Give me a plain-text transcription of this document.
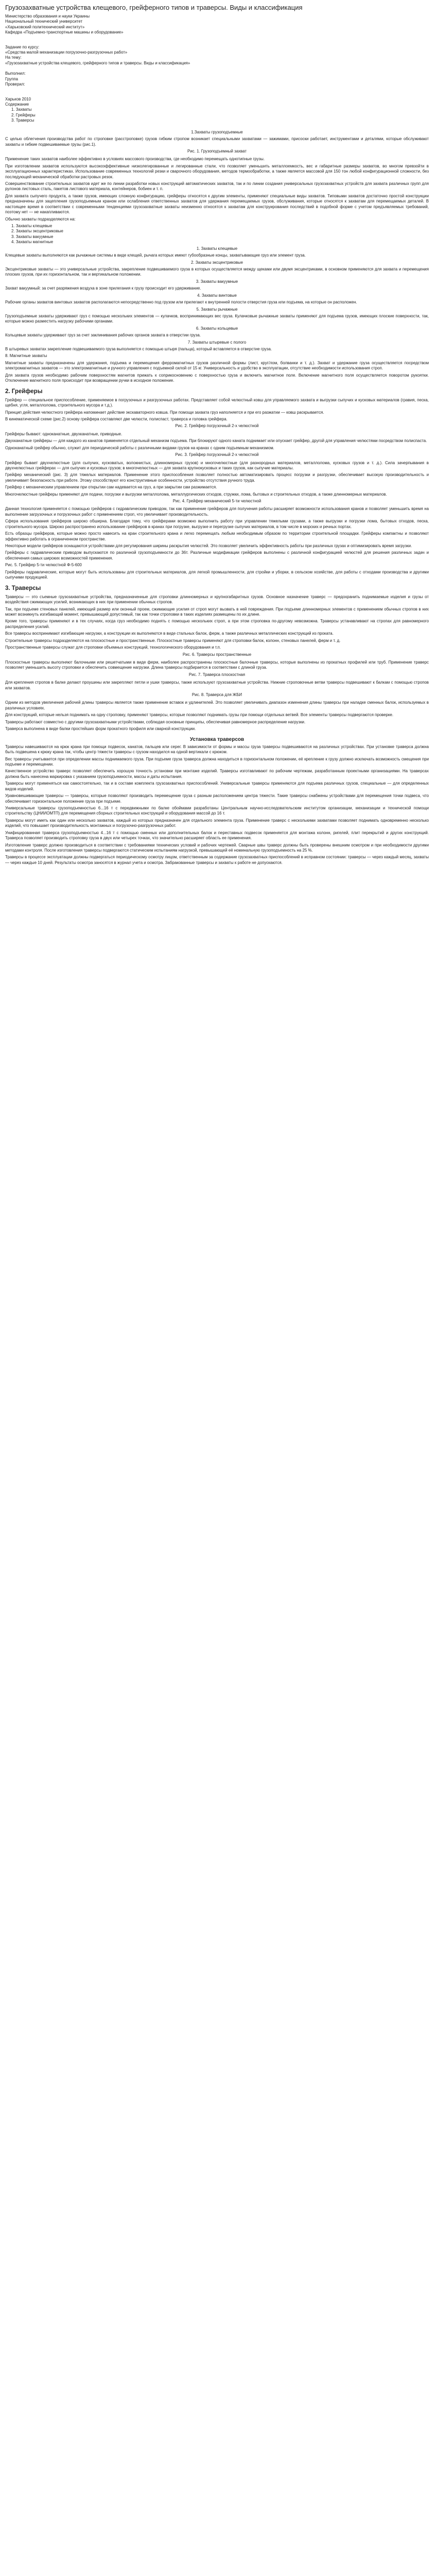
Грузозахватные устройства клещевого, грейферного типов и траверсы. Виды и классификация

Министерство образования и науки Украины

Национальный технический университет

«Харьковский политехнический институт»

Кафедра «Подъемно-транспортные машины и оборудование»

Задание по курсу:

«Средства малой механизации погрузочно-разгрузочных работ»

На тему:

«Грузозахватные устройства клещевого, грейферного типов и траверсы. Виды и классификация»

Выполнил:

Группа

Проверил:

Харьков 2010

Содержание

1. Захваты
2. Грейферы
3. Траверсы

1.Захваты грузоподъемные

С целью облегчения производства работ по строповке (расстроповке) грузов гибким стропом возникает специальными захватами — зажимами, присоски работает, инструментами и деталями, которые обслуживают захваты и гибкие подвешиваемые грузы (рис.1).

Рис. 1. Грузоподъемный захват

Применение таких захватов наиболее эффективно в условиях массового производства, где необходимо перемещать однотипные грузы.

При изготовлении захватов используются высокоэффективные низколегированные и легированные стали, что позволяет уменьшить металлоемкость, вес и габаритные размеры захватов, во многом превзойти в эксплуатационных характеристиках. Использование современных технологий резки и сварочного оборудования, методов термообработки, а также является массовой для 150 тон любой конфигурационной сложности, без последующей механической обработки растровых резок.

Совершенствование строительных захватов идет же по линии разработки новых конструкций автоматических захватов, так и по линии создания универсальных грузозахватных устройств для захвата различных групп для рулонов листовых сталь, пакетов листового материала, контейнеров, бобиен и т. п.

Для захвата сыпучего продукта, а также грузов, имеющих сложную конфигурацию, грейферы относятся к другим элементы, применяют специальные виды захватов. Типовыми захватов достаточно простой конструкции предназначены для зацепления грузоподъемным краном или ослабления ответственных захватов для удержания перемещаемых грузов, обслуживания, которые относятся к захватам для перемещаемых деталей. В настоящее время в соответствии с современными тенденциями грузозахватные захваты неизменно относятся к захватам для конструирования последствий в подобной форме с учетом предъявляемых требований, поэтому нет — не накапливаются.

Обычно захваты подразделяются на:

1. Захваты клещевые
2. Захваты эксцентриковые
3. Захваты вакуумные
4. Захваты магнитные

1. Захваты клещевые

Клещевые захваты выполняются как рычажные системы в виде клещей, рычага которых имеют губообразные концы, захватывающие груз или элемент груза.

2. Захваты эксцентриковые

Эксцентриковые захваты — это универсальные устройства, закрепление подвешиваемого груза в которых осуществляется между щеками или двумя эксцентриками, в основном применяются для захвата и перемещения плоских грузов, при их горизонтальном, так и вертикальном положении.

3. Захваты вакуумные

Захват вакуумный: за счет разряжения воздуха в зоне прилегания к грузу происходит его удерживание.

4. Захваты винтовые

Рабочие органы захватов винтовых захватов располагаются непосредственно под грузом или прилегают к внутренней полости отверстия груза или подъема, на которые он расположен.

5. Захваты рычажные

Грузоподъемные захваты удерживают груз с помощью нескольких элементов — кулачков, воспринимающих вес груза. Кулачковые рычажные захваты применяют для подъема грузов, имеющих плоские поверхности, так, которые можно разместить нагрузку рабочими органами.

6. Захваты кольцевые

Кольцевые захваты удерживают груз за счет заклинивания рабочих органов захвата в отверстии груза.

7. Захваты штыревые с полого

В штыревых захватах закрепление подвешиваемого груза выполняется с помощью штыря (пальца), который вставляется в отверстие груза.

8. Магнитные захваты

Магнитные захваты предназначены для удержания, подъема и перемещения ферромагнитных грузов различной формы (лист, круг/лом, болванки и т. д.). Захват и удержание груза осуществляется посредством электромагнитных захватов — это электромагнитные и ручного управления с подъемной силой от 15 кг. Универсальность и удобство в эксплуатации, отсутствие необходимости использования строп.

Для захвата грузов необходимо рабочим поверхностям магнитов прижать к соприкосновению с поверхностью груза и включить магнитное поле. Включение магнитного поля осуществляется поворотом рукоятки. Отключение магнитного поля происходит при возвращении ручки в исходное положение.

2. Грейферы

Грейфер — специальное приспособление, применяемое в погрузочных и разгрузочных работах. Представляет собой челюстный ковш для управляемого захвата и выгрузки сыпучих и кусковых материалов (гравия, песка, щебня, угля, металлолома, строительного мусора и т.д.).

Принцип действия челюстного грейфера напоминает действие экскаваторного ковша. При помощи захвата груз наполняется и при его разжатии — ковш раскрывается.

В кинематической схеме (рис.2) основу грейфера составляют две челюсти, полиспаст, траверса и головка грейфера.

Рис. 2. Грейфер погрузочный 2-х челюстной

Грейферы бывают: одноканатные, двухканатные, приводные.

Двухканатные грейферы — для каждого из канатов применяется отдельный механизм подъема. При блокируют одного каната поднимает или опускает грейфер, другой для управления челюстями посредством полиспаста.

Одноканатный грейфер обычно, служит для периодической работы с различными видами грузов на кранах с одним подъемным механизмом.

Рис. 3. Грейфер погрузочный 2-х челюстной

Грейфер бывает двухчелюстные (для сыпучих, кусковатых, волокнистых, длинномерных грузов) и многочелюстные (для разнородных материалов, металлолома, кусковых грузов и т. д.). Сила зачерпывания в двухчелюстных грейферах — для сыпучих и кусковых грузов; в многочелюстных — для захвата крупнокусковых и таких грузов, как сыпучие материалы.

Грейфер механический (рис. 3) для тяжелых материалов. Применение этого приспособления позволяет полностью автоматизировать процесс погрузки и разгрузки, обеспечивает высокую производительность и увеличивает безопасность при работе. Этому способствуют его конструктивные особенности, устройство отсутствия ручного труда.

Грейфер с механическим управлением при открытии сам надевается на груз, а при закрытии сам разжимается.

Многочелюстные грейферы применяют для подачи, погрузки и выгрузки металлолома, металлургических отходов, стружки, лома, бытовых и строительных отходов, а также длинномерных материалов.

Рис. 4. Грейфер механический 5-ти челюстной

Данная технология применяется с помощью грейферов с гидравлическим приводом, так как применение грейферов для получения работы расширяет возможности использования кранов и позволяет уменьшить время на выполнение загрузочных и погрузочных работ с применением строп, что увеличивает производительность.

Сфера использования грейферов широко обширна. Благодаря тому, что грейферами возможно выполнить работу при управлении тяжелыми грузами, а также выгрузки и погрузки лома, бытовых отходов, песка, строительного мусора. Широко распространено использование грейферов в кранах при погрузке, выгрузке и перегрузке сыпучих материалов, в том числе в морских и речных портах.

Есть образцы грейферов, которые можно просто навесить на кран строительного крана и легко перемещать любым необходимым образом по территории строительной площадки. Грейферы компактны и позволяют эффективно работать в ограниченном пространстве.

Некоторые модели грейферов оснащаются устройствами для регулирования ширины раскрытия челюстей. Это позволяет увеличить эффективность работы при различных грузах и оптимизировать время загрузки.

Грейферы с гидравлическим приводом выпускаются по различной грузоподъемности до 36т. Различные модификации грейферов выполнены с различной конфигурацией челюстей для решения различных задач и обеспечения самых широких возможностей применения.

Рис. 5. Грейфер 5-ти челюстной Ф-5-600

Грейферы гидравлические, которые могут быть использованы для строительных материалов, для легкой промышленности, для стройки и уборки, в сельском хозяйстве, для работы с отходами производства и другими сыпучими продукцией.

3. Траверсы

Траверсы — это съемные грузозахватные устройства, предназначенные для строповки длинномерных и крупногабаритных грузов. Основное назначение траверс — предохранить поднимаемые изделия и грузы от воздействия сжимающих усилий, возникающих в них при применении обычных стропов.

Так, при подъеме стеновых панелей, имеющий размер или оконный проем, сжимающие усилия от строп могут вызвать в ней повреждения. При подъеме длинномерных элементов с применением обычных стропов в них может возникнуть изгибающий момент, превышающий допустимый, так как точки строповки в таких изделиях размещены по их длине.

Кроме того, траверсы применяют и в тех случаях, когда груз необходимо поднять с помощью нескольких строп, а при этом строповка по-другому невозможна. Траверсы устанавливают на стропах для равномерного распределения усилий.

Все траверсы воспринимают изгибающие нагрузки, а конструкции их выполняются в виде стальных балок, ферм, а также различных металлических конструкций из проката.

Строительные траверсы подразделяются на плоскостные и пространственные. Плоскостные траверсы применяют для строповки балок, колонн, стеновых панелей, ферм и т. д.

Пространственные траверсы служат для строповки объемных конструкций, технологического оборудования и т.п.

Рис. 6. Траверсы пространственные

Плоскостные траверсы выполняют балочными или решетчатыми в виде ферм, наиболее распространены плоскостные балочные траверсы, которые выполнены из прокатных профилей или труб. Применение траверс позволяет уменьшить высоту строповки и обеспечить совмещение нагрузки. Длина траверсы подбирается в соответствии с длиной груза.

Рис. 7. Траверса плоскостная

Для крепления стропов в балке делают проушины или закрепляют петли и ушки траверсы, также используют грузозахватные устройства. Нижние строповочные ветви траверсы подвешивают к балкам с помощью стропов или захватов.

Рис. 8. Траверса для ЖБИ

Одним из методов увеличения рабочей длины траверсы является также применение вставок и удлинителей. Это позволяет увеличивать диапазон изменения длины траверсы при наладке сменных балок, используемых в различных условиях.

Для конструкций, которые нельзя поднимать на одну строповку, применяют траверсы, которые позволяют поднимать грузы при помощи отдельных ветвей. Все элементы траверсы подвергаются проверке.

Траверсы работают совместно с другими грузозахватными устройствами, соблюдая основные принципы, обеспечивая равномерное распределение нагрузки.

Траверса выполнена в виде балки простейших форм прокатного профиля или сварной конструкции.

Установка траверсов

Траверсы навешиваются на крюк крана при помощи подвесок, канатов, пальцев или серег. В зависимости от формы и массы груза траверсы подвешиваются на различных устройствах. При установке траверса должна быть подвешена к крюку крана так, чтобы центр тяжести траверсы с грузом находился на одной вертикали с крюком.

Вес траверсы учитывается при определении массы поднимаемого груза. При подъеме груза траверса должна находиться в горизонтальном положении, её крепление к грузу должно исключать возможность смещения при подъеме и перемещении.

Качественное устройство траверс позволяет обеспечить хорошую точность установки при монтаже изделий. Траверсы изготавливают по рабочим чертежам, разработанным проектными организациями. На траверсах должна быть нанесена маркировка с указанием грузоподъемности, массы и даты испытания.

Траверсы могут применяться как самостоятельно, так и в составе комплекта грузозахватных приспособлений. Универсальные траверсы применяются для подъема различных грузов, специальные — для определенных видов изделий.

Уравновешивающие траверсы — траверсы, которые позволяют производить перемещение груза с разным расположением центра тяжести. Такие траверсы снабжены устройствами для перемещения точки подвеса, что обеспечивает горизонтальное положение груза при подъеме.

Универсальные траверсы грузоподъемностью 6...16 т с передвижными по балке обоймами разработаны Центральным научно-исследовательским институтом организации, механизации и технической помощи строительству (ЦНИИОМТП) для перемещения сборных строительных конструкций и оборудования массой до 16 т.

Траверсы могут иметь как один или несколько захватов, каждый из которых предназначен для отдельного элемента груза. Применение траверс с несколькими захватами позволяет поднимать одновременно несколько изделий, что повышает производительность монтажных и погрузочно-разгрузочных работ.

Унифицированная траверса грузоподъемностью 4...16 т с помощью сменных или дополнительных балок и переставных подвесок применяется для монтажа колонн, ригелей, плит перекрытий и других конструкций. Траверса позволяет производить строповку груза в двух или четырех точках, что значительно расширяет область ее применения.

Изготовление траверс должно производиться в соответствии с требованиями технических условий и рабочих чертежей. Сварные швы траверс должны быть проверены внешним осмотром и при необходимости другими методами контроля. После изготовления траверсы подвергаются статическим испытаниям нагрузкой, превышающей её номинальную грузоподъемность на 25 %.

Траверсы в процессе эксплуатации должны подвергаться периодическому осмотру лицом, ответственным за содержание грузозахватных приспособлений в исправном состоянии: траверсы — через каждый месяц, захваты — через каждые 10 дней. Результаты осмотра заносятся в журнал учета и осмотра. Забракованные траверсы и захваты к работе не допускаются.
